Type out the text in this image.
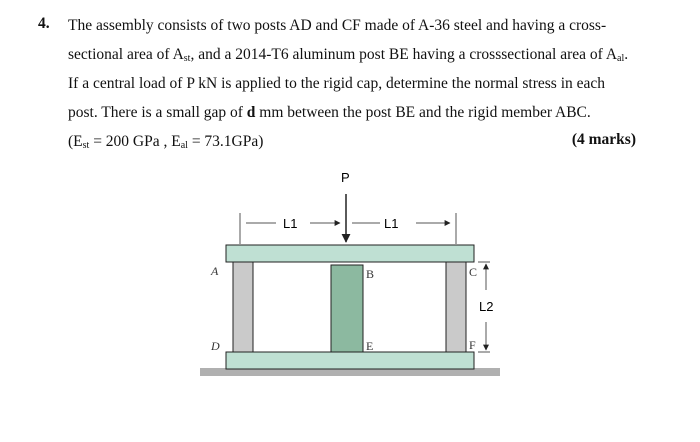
4. The assembly consists of two posts AD and CF made of A-36 steel and having a cross-
sectional area of $A_{st}$, and a 2014-T6 aluminum post BE having a crosssectional area of $A_{al}$.
If a central load of P kN is applied to the rigid cap, determine the normal stress in each
post. There is a small gap of d mm between the post BE and the rigid member ABC.
($E_{st} = 200$ GPa , $E_{al} = 73.1GPa$)	(4 marks)
P
L1	L1
L2
A
D
B
E
C
F
